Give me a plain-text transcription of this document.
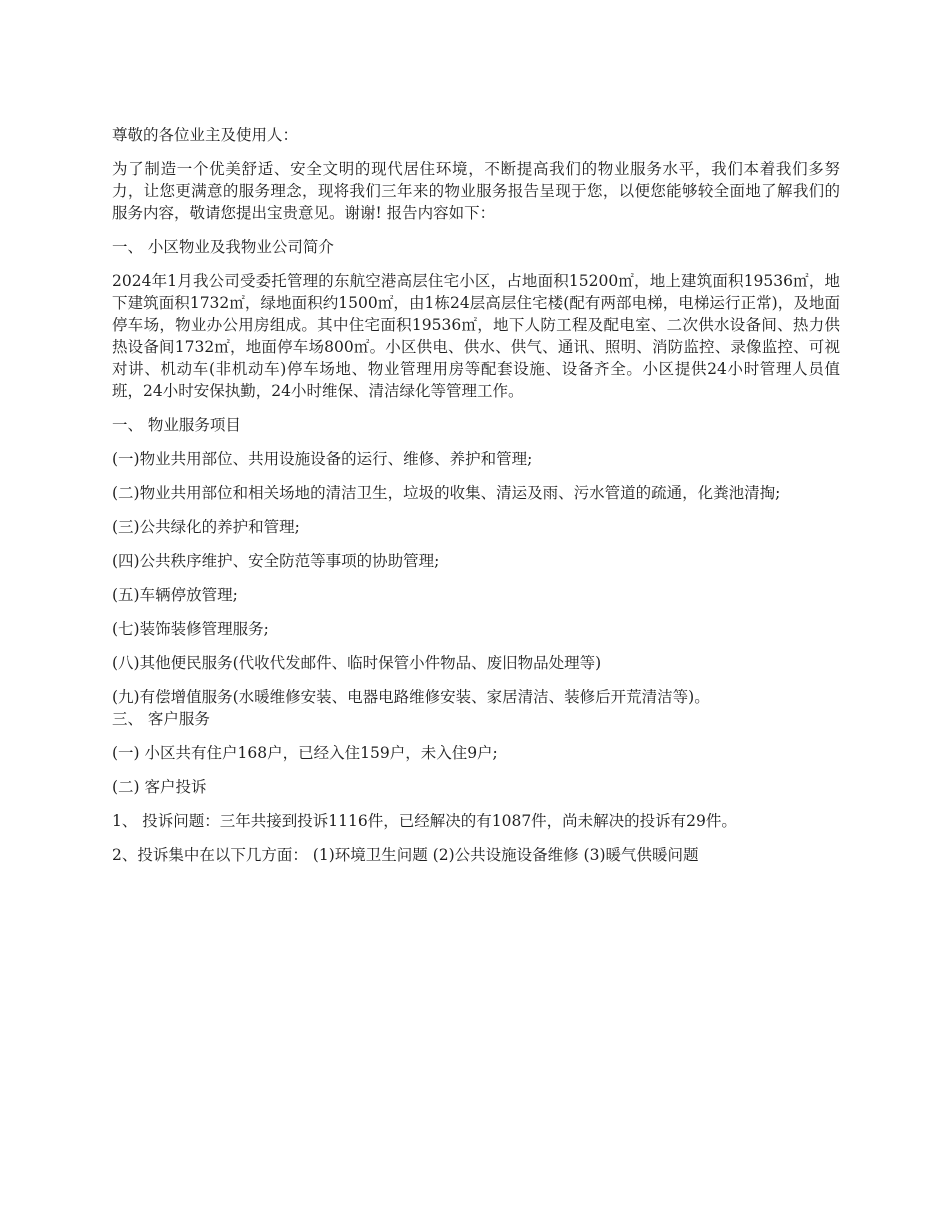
尊敬的各位业主及使用人：

为了制造一个优美舒适、安全文明的现代居住环境，不断提高我们的物业服务水平，我们本着我们多努力，让您更满意的服务理念，现将我们三年来的物业服务报告呈现于您，以便您能够较全面地了解我们的服务内容，敬请您提出宝贵意见。谢谢! 报告内容如下：

一、 小区物业及我物业公司简介

2024年1月我公司受委托管理的东航空港高层住宅小区，占地面积15200㎡，地上建筑面积19536㎡，地下建筑面积1732㎡，绿地面积约1500㎡，由1栋24层高层住宅楼(配有两部电梯，电梯运行正常)，及地面停车场，物业办公用房组成。其中住宅面积19536㎡，地下人防工程及配电室、二次供水设备间、热力供热设备间1732㎡，地面停车场800㎡。小区供电、供水、供气、通讯、照明、消防监控、录像监控、可视对讲、机动车(非机动车)停车场地、物业管理用房等配套设施、设备齐全。小区提供24小时管理人员值班，24小时安保执勤，24小时维保、清洁绿化等管理工作。

一、 物业服务项目

(一)物业共用部位、共用设施设备的运行、维修、养护和管理;

(二)物业共用部位和相关场地的清洁卫生，垃圾的收集、清运及雨、污水管道的疏通，化粪池清掏;

(三)公共绿化的养护和管理;

(四)公共秩序维护、安全防范等事项的协助管理;

(五)车辆停放管理;

(七)装饰装修管理服务;

(八)其他便民服务(代收代发邮件、临时保管小件物品、废旧物品处理等)

(九)有偿增值服务(水暖维修安装、电器电路维修安装、家居清洁、装修后开荒清洁等)。

三、 客户服务

(一) 小区共有住户168户，已经入住159户，未入住9户;

(二) 客户投诉

1、 投诉问题：三年共接到投诉1116件，已经解决的有1087件，尚未解决的投诉有29件。

2、投诉集中在以下几方面： (1)环境卫生问题 (2)公共设施设备维修 (3)暖气供暖问题
